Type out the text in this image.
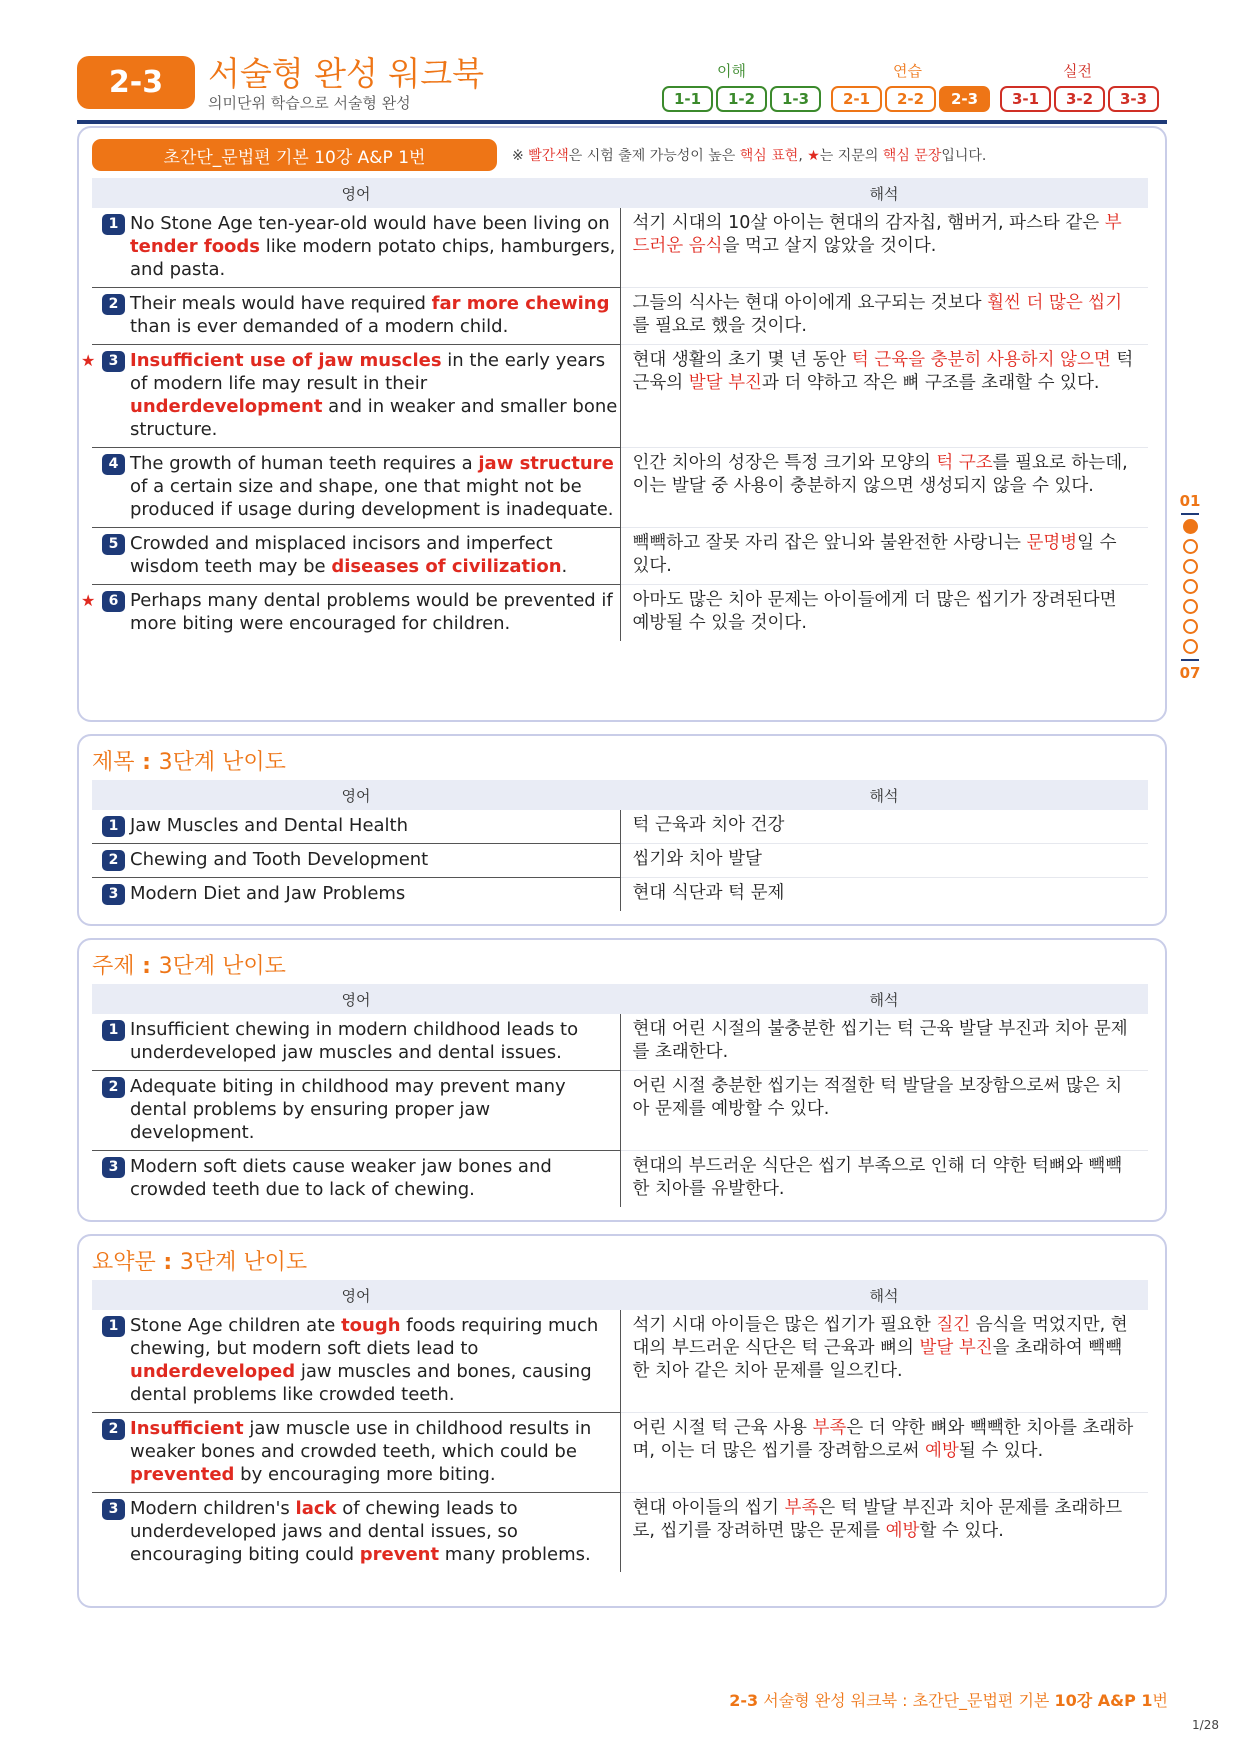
2-3	서술형 완성 워크북
의미단위 학습으로 서술형 완성
이해	연습	실전
1-1	1-2	1-3	2-1	2-2	2-3	3-1	3-2	3-3
초간단_문법편 기본 10강 A&P 1번	※ 빨간색은 시험 출제 가능성이 높은 핵심 표현, ★는 지문의 핵심 문장입니다.
영어	해석

1 No Stone Age ten-year-old would have been living on tender foods like modern potato chips, hamburgers, and pasta.	석기 시대의 10살 아이는 현대의 감자칩, 햄버거, 파스타 같은 부드러운 음식을 먹고 살지 않았을 것이다.

2 Their meals would have required far more chewing than is ever demanded of a modern child.	그들의 식사는 현대 아이에게 요구되는 것보다 훨씬 더 많은 씹기를 필요로 했을 것이다.

3
★ Insufficient use of jaw muscles in the early years of modern life may result in their underdevelopment and in weaker and smaller bone structure.	현대 생활의 초기 몇 년 동안 턱 근육을 충분히 사용하지 않으면 턱 근육의 발달 부진과 더 약하고 작은 뼈 구조를 초래할 수 있다.

4 The growth of human teeth requires a jaw structure of a certain size and shape, one that might not be produced if usage during development is inadequate.	인간 치아의 성장은 특정 크기와 모양의 턱 구조를 필요로 하는데, 이는 발달 중 사용이 충분하지 않으면 생성되지 않을 수 있다.

5 Crowded and misplaced incisors and imperfect wisdom teeth may be diseases of civilization.	빽빽하고 잘못 자리 잡은 앞니와 불완전한 사랑니는 문명병일 수 있다.

6
★ Perhaps many dental problems would be prevented if more biting were encouraged for children.	아마도 많은 치아 문제는 아이들에게 더 많은 씹기가 장려된다면 예방될 수 있을 것이다.
제목 : 3단계 난이도
영어	해석

1 Jaw Muscles and Dental Health	턱 근육과 치아 건강

2 Chewing and Tooth Development	씹기와 치아 발달

3 Modern Diet and Jaw Problems	현대 식단과 턱 문제
주제 : 3단계 난이도
영어	해석

1 Insufficient chewing in modern childhood leads to underdeveloped jaw muscles and dental issues.	현대 어린 시절의 불충분한 씹기는 턱 근육 발달 부진과 치아 문제를 초래한다.

2 Adequate biting in childhood may prevent many dental problems by ensuring proper jaw development.	어린 시절 충분한 씹기는 적절한 턱 발달을 보장함으로써 많은 치아 문제를 예방할 수 있다.

3 Modern soft diets cause weaker jaw bones and crowded teeth due to lack of chewing.	현대의 부드러운 식단은 씹기 부족으로 인해 더 약한 턱뼈와 빽빽한 치아를 유발한다.
요약문 : 3단계 난이도
영어	해석

1 Stone Age children ate tough foods requiring much chewing, but modern soft diets lead to underdeveloped jaw muscles and bones, causing dental problems like crowded teeth.	석기 시대 아이들은 많은 씹기가 필요한 질긴 음식을 먹었지만, 현대의 부드러운 식단은 턱 근육과 뼈의 발달 부진을 초래하여 빽빽한 치아 같은 치아 문제를 일으킨다.

2 Insufficient jaw muscle use in childhood results in weaker bones and crowded teeth, which could be prevented by encouraging more biting.	어린 시절 턱 근육 사용 부족은 더 약한 뼈와 빽빽한 치아를 초래하며, 이는 더 많은 씹기를 장려함으로써 예방될 수 있다.

3 Modern children's lack of chewing leads to underdeveloped jaws and dental issues, so encouraging biting could prevent many problems.	현대 아이들의 씹기 부족은 턱 발달 부진과 치아 문제를 초래하므로, 씹기를 장려하면 많은 문제를 예방할 수 있다.
01
07
2-3 서술형 완성 워크북 : 초간단_문법편 기본 10강 A&P 1번
1/28
